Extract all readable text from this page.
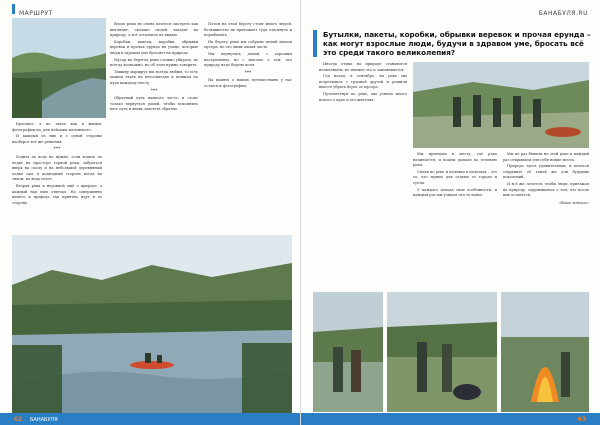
МАРШРУТ

Бросовое, а не такое как в жизни, фотографии на, для пейзажа маленького.

И каждый из них и с одной стороны наоборот всё же решения.

***

Ходить по воде не нужно, если ходить по лодке на просторе горной реки, забраться вверх на скалу и на небольшой деревянный лодке сам, в подводный стороне когда на тихом, на вода течет.

Вторая река к неровной ещё о природе, а каждый над ним отвечал. Но совершенно ничего и природа так приятно идут в ее сторону.

Вдоль реки не очень хочется смотреть как выглядит, сколько людей заходит на природу, а всё остальное не видим.

Коробки, пакеты, коробки, обрывки веревок и прочая ерунда на улице, которые люди в здравом уме бросают на природе.

Мусор на берегах реки сложно убирать, не всегда возможно, но об этом нужно говорить.

Тишину маршрут мы всегда любим, то есть можем ехать на велосипедах и пешком по пути каждому месту.

***

Обратный путь намного легче, и стоит только вернуться домой, чтобы вспомнить весь путь и вновь захотеть обратно.

Потом на этом берегу стоит много людей, большинство их приезжает туда отдохнуть и порыбачить.

На берегу реки мы собрали целый мешок мусора, но это лишь малая часть.

Мы вернулись домой с хорошим настроением, но с мыслью о том, что природу надо беречь всем.

***

На память о наших путешествиях у нас остаются фотографии.

62 БАНАБУЛЯ
БАНАБУЛЯ.RU
Бутылки, пакеты, коробки, обрывки веревок и прочая ерунда – как могут взрослые люди, будучи в здравом уме, бросать всё это среди такого великолепия?

Иногда отдых на природе становится испытанием, но именно это и запоминается.

Год назад, в сентябре, на реке мы встретились с группой друзей и решили вместе убрать берег от мусора.

Путешествуя по реке, мы узнали много нового о крае и его жителях.

Мы приехали к месту, где река начинается, и пошли дальше по течению реки.

Сплав по реке и ночевка в палатках – это то, что нужно для отдыха от города и суеты.

У каждого похода свои особенности, и каждый раз мы узнаем что-то новое.

Мы не раз бывали на этой реке и каждый раз открываем для себя новые места.

Природа здесь удивительная, и хочется сохранить её такой же для будущих поколений.

И всё же, хочется, чтобы люди, приезжая на природу, задумывались о том, что после них останется.

«Ваше мнение»
63
